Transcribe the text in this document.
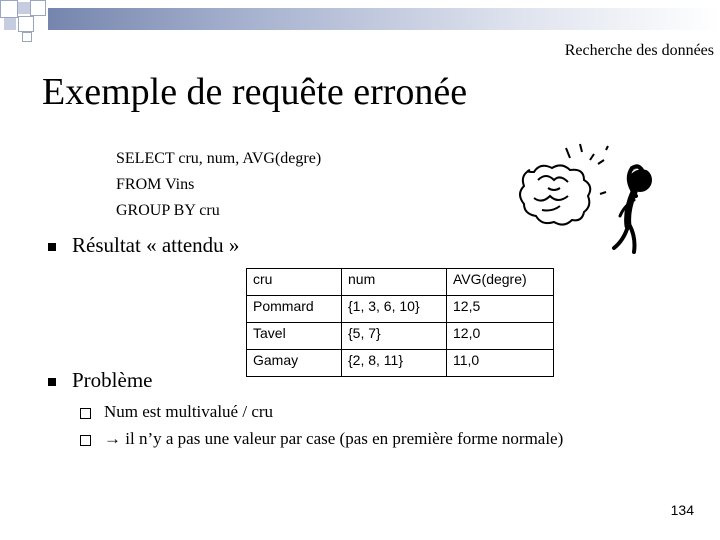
Recherche des données
Exemple de requête erronée
SELECT cru, num, AVG(degre)
FROM Vins
GROUP BY cru
Résultat « attendu »
cru	num	AVG(degre)
Pommard	{1, 3, 6, 10}	12,5
Tavel	{5, 7}	12,0
Gamay	{2, 8, 11}	11,0
Problème
Num est multivalué / cru
→ il n’y a pas une valeur par case (pas en première forme normale)
134
